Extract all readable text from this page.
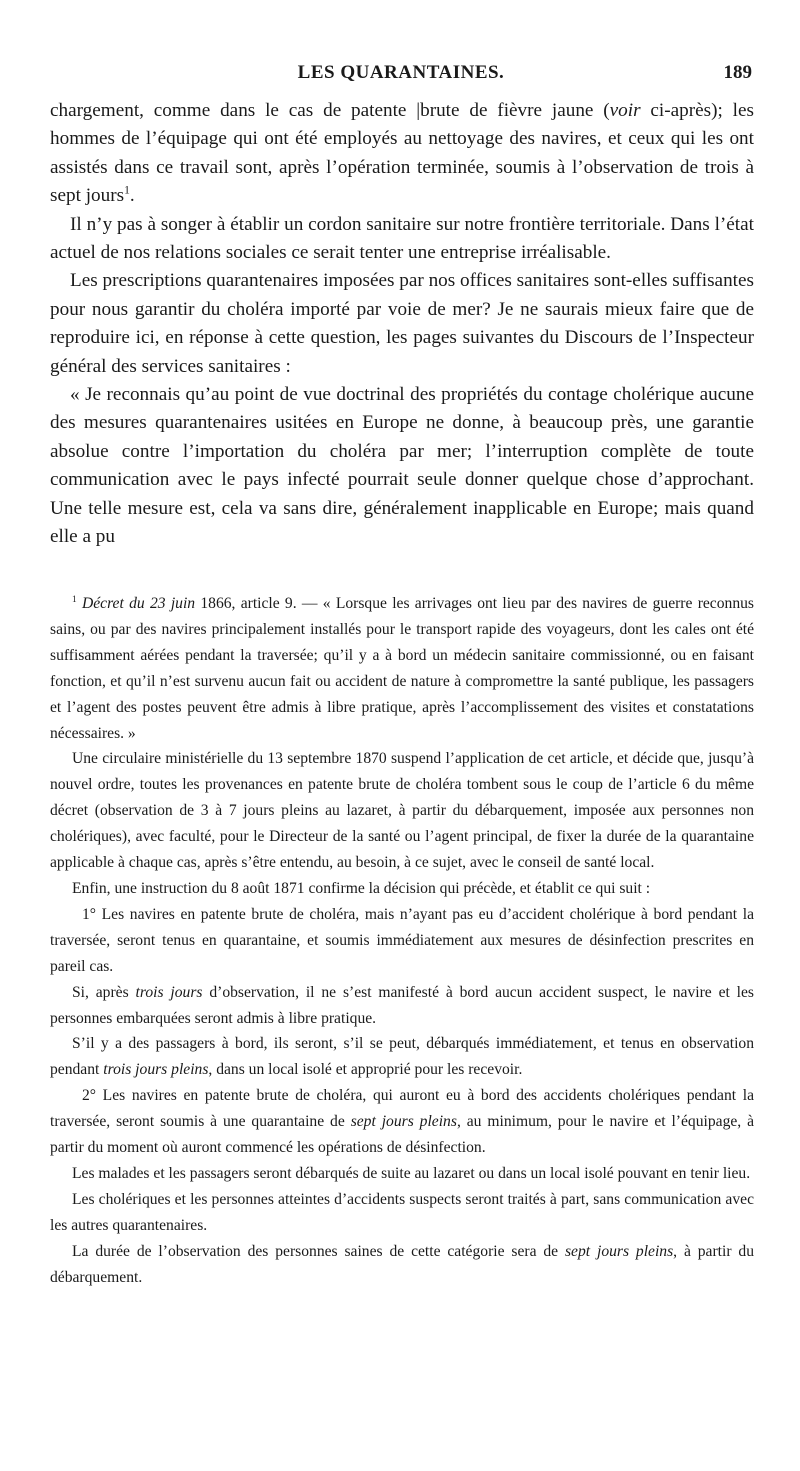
LES QUARANTAINES.	189

chargement, comme dans le cas de patente |brute de fièvre jaune (voir ci-après); les hommes de l’équipage qui ont été employés au nettoyage des navires, et ceux qui les ont assistés dans ce travail sont, après l’opération terminée, soumis à l’observation de trois à sept jours$^1$.

Il n’y pas à songer à établir un cordon sanitaire sur notre frontière territoriale. Dans l’état actuel de nos relations sociales ce serait tenter une entreprise irréalisable.

Les prescriptions quarantenaires imposées par nos offices sanitaires sont-elles suffisantes pour nous garantir du choléra importé par voie de mer? Je ne saurais mieux faire que de reproduire ici, en réponse à cette question, les pages suivantes du Discours de l’Inspecteur général des services sanitaires :

« Je reconnais qu’au point de vue doctrinal des propriétés du contage cholérique aucune des mesures quarantenaires usitées en Europe ne donne, à beaucoup près, une garantie absolue contre l’importation du choléra par mer; l’interruption complète de toute communication avec le pays infecté pourrait seule donner quelque chose d’approchant. Une telle mesure est, cela va sans dire, généralement inapplicable en Europe; mais quand elle a pu

$^1$ Décret du 23 juin 1866, article 9. — « Lorsque les arrivages ont lieu par des navires de guerre reconnus sains, ou par des navires principalement installés pour le transport rapide des voyageurs, dont les cales ont été suffisamment aérées pendant la traversée; qu’il y a à bord un médecin sanitaire commissionné, ou en faisant fonction, et qu’il n’est survenu aucun fait ou accident de nature à compromettre la santé publique, les passagers et l’agent des postes peuvent être admis à libre pratique, après l’accomplissement des visites et constatations nécessaires. »

Une circulaire ministérielle du 13 septembre 1870 suspend l’application de cet article, et décide que, jusqu’à nouvel ordre, toutes les provenances en patente brute de choléra tombent sous le coup de l’article 6 du même décret (observation de 3 à 7 jours pleins au lazaret, à partir du débarquement, imposée aux personnes non cholériques), avec faculté, pour le Directeur de la santé ou l’agent principal, de fixer la durée de la quarantaine applicable à chaque cas, après s’être entendu, au besoin, à ce sujet, avec le conseil de santé local.

Enfin, une instruction du 8 août 1871 confirme la décision qui précède, et établit ce qui suit :

1° Les navires en patente brute de choléra, mais n’ayant pas eu d’accident cholérique à bord pendant la traversée, seront tenus en quarantaine, et soumis immédiatement aux mesures de désinfection prescrites en pareil cas.

Si, après trois jours d’observation, il ne s’est manifesté à bord aucun accident suspect, le navire et les personnes embarquées seront admis à libre pratique.

S’il y a des passagers à bord, ils seront, s’il se peut, débarqués immédiatement, et tenus en observation pendant trois jours pleins, dans un local isolé et approprié pour les recevoir.

2° Les navires en patente brute de choléra, qui auront eu à bord des accidents cholériques pendant la traversée, seront soumis à une quarantaine de sept jours pleins, au minimum, pour le navire et l’équipage, à partir du moment où auront commencé les opérations de désinfection.

Les malades et les passagers seront débarqués de suite au lazaret ou dans un local isolé pouvant en tenir lieu.

Les cholériques et les personnes atteintes d’accidents suspects seront traités à part, sans communication avec les autres quarantenaires.

La durée de l’observation des personnes saines de cette catégorie sera de sept jours pleins, à partir du débarquement.
